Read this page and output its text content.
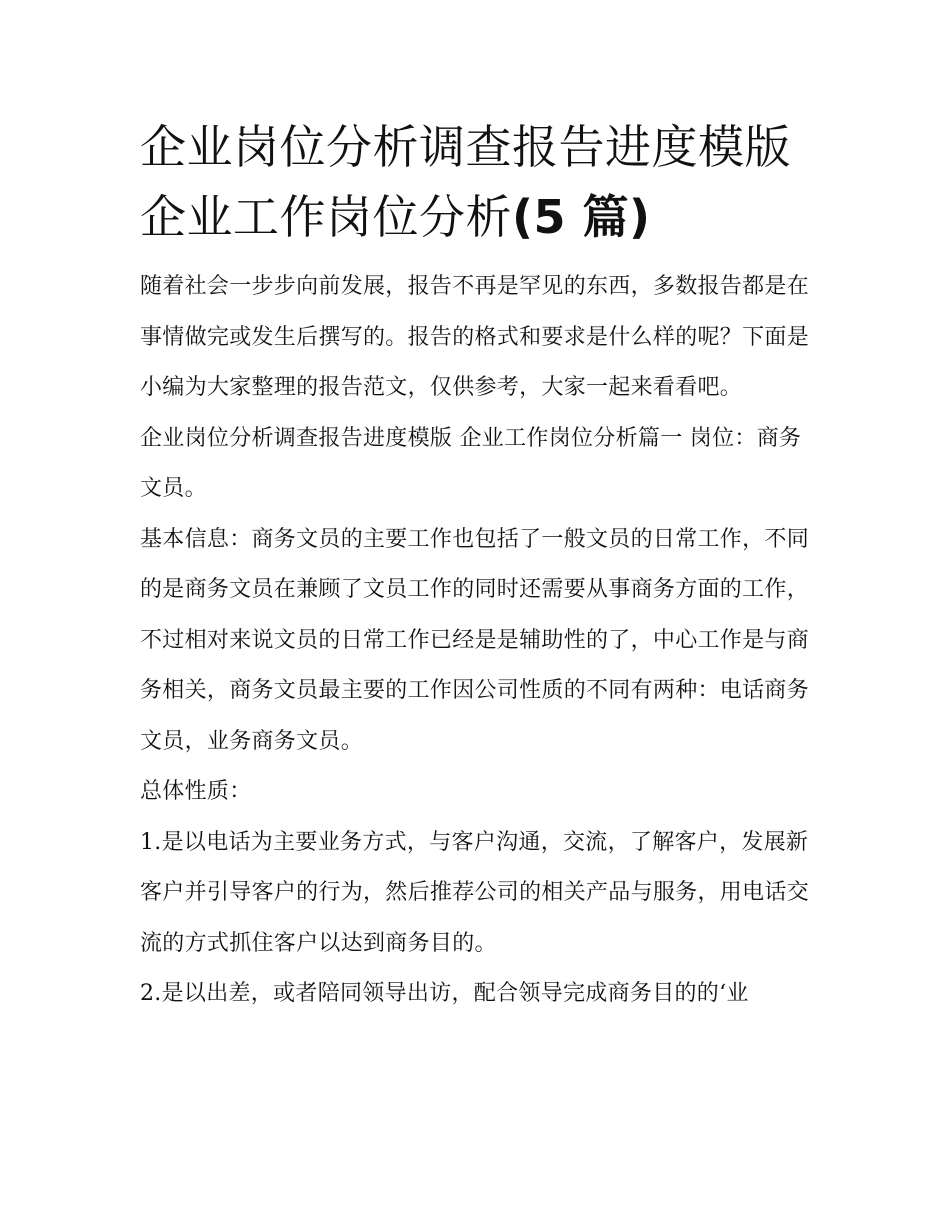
企业岗位分析调查报告进度模版 企业工作岗位分析(5 篇)

随着社会一步步向前发展，报告不再是罕见的东西，多数报告都是在事情做完或发生后撰写的。报告的格式和要求是什么样的呢？下面是小编为大家整理的报告范文，仅供参考，大家一起来看看吧。

企业岗位分析调查报告进度模版 企业工作岗位分析篇一 岗位：商务文员。

基本信息：商务文员的主要工作也包括了一般文员的日常工作，不同的是商务文员在兼顾了文员工作的同时还需要从事商务方面的工作，不过相对来说文员的日常工作已经是是辅助性的了，中心工作是与商务相关，商务文员最主要的工作因公司性质的不同有两种：电话商务文员，业务商务文员。

总体性质：

1.是以电话为主要业务方式，与客户沟通，交流，了解客户，发展新客户并引导客户的行为，然后推荐公司的相关产品与服务，用电话交流的方式抓住客户以达到商务目的。

2.是以出差，或者陪同领导出访，配合领导完成商务目的的‘业
